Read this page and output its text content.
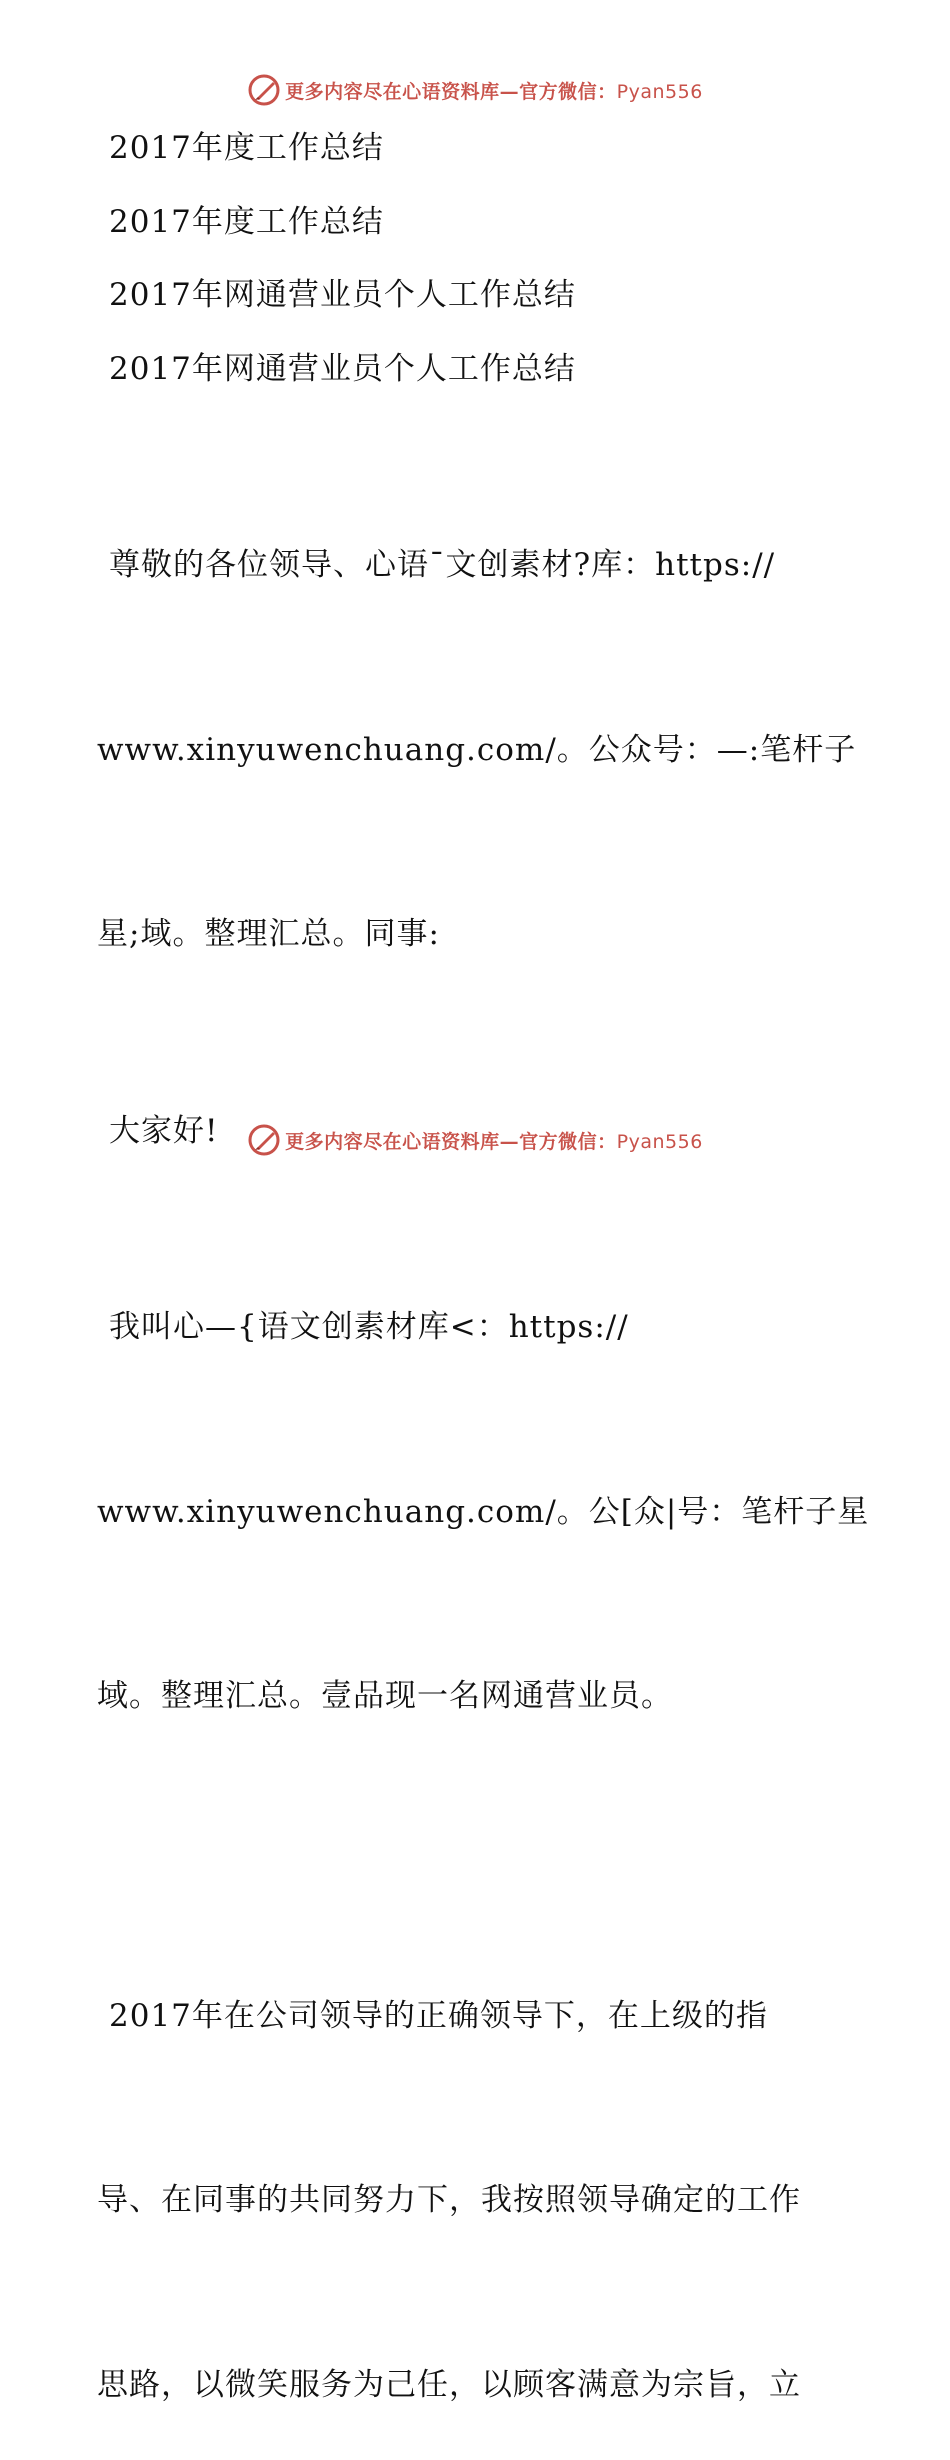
更多内容尽在心语资料库—官方微信：Pyan556

2017年度工作总结

2017年度工作总结

2017年网通营业员个人工作总结

2017年网通营业员个人工作总结

尊敬的各位领导、心语¯文创素材?库：https://

www.xinyuwenchuang.com/。公众号：—:笔杆子

星;域。整理汇总。同事:

大家好!

我叫心—{语文创素材库<：https://

www.xinyuwenchuang.com/。公[众|号：笔杆子星

域。整理汇总。壹品现一名网通营业员。

2017年在公司领导的正确领导下，在上级的指

导、在同事的共同努力下，我按照领导确定的工作

思路，以微笑服务为己任，以顾客满意为宗旨，立

更多内容尽在心语资料库—官方微信：Pyan556
